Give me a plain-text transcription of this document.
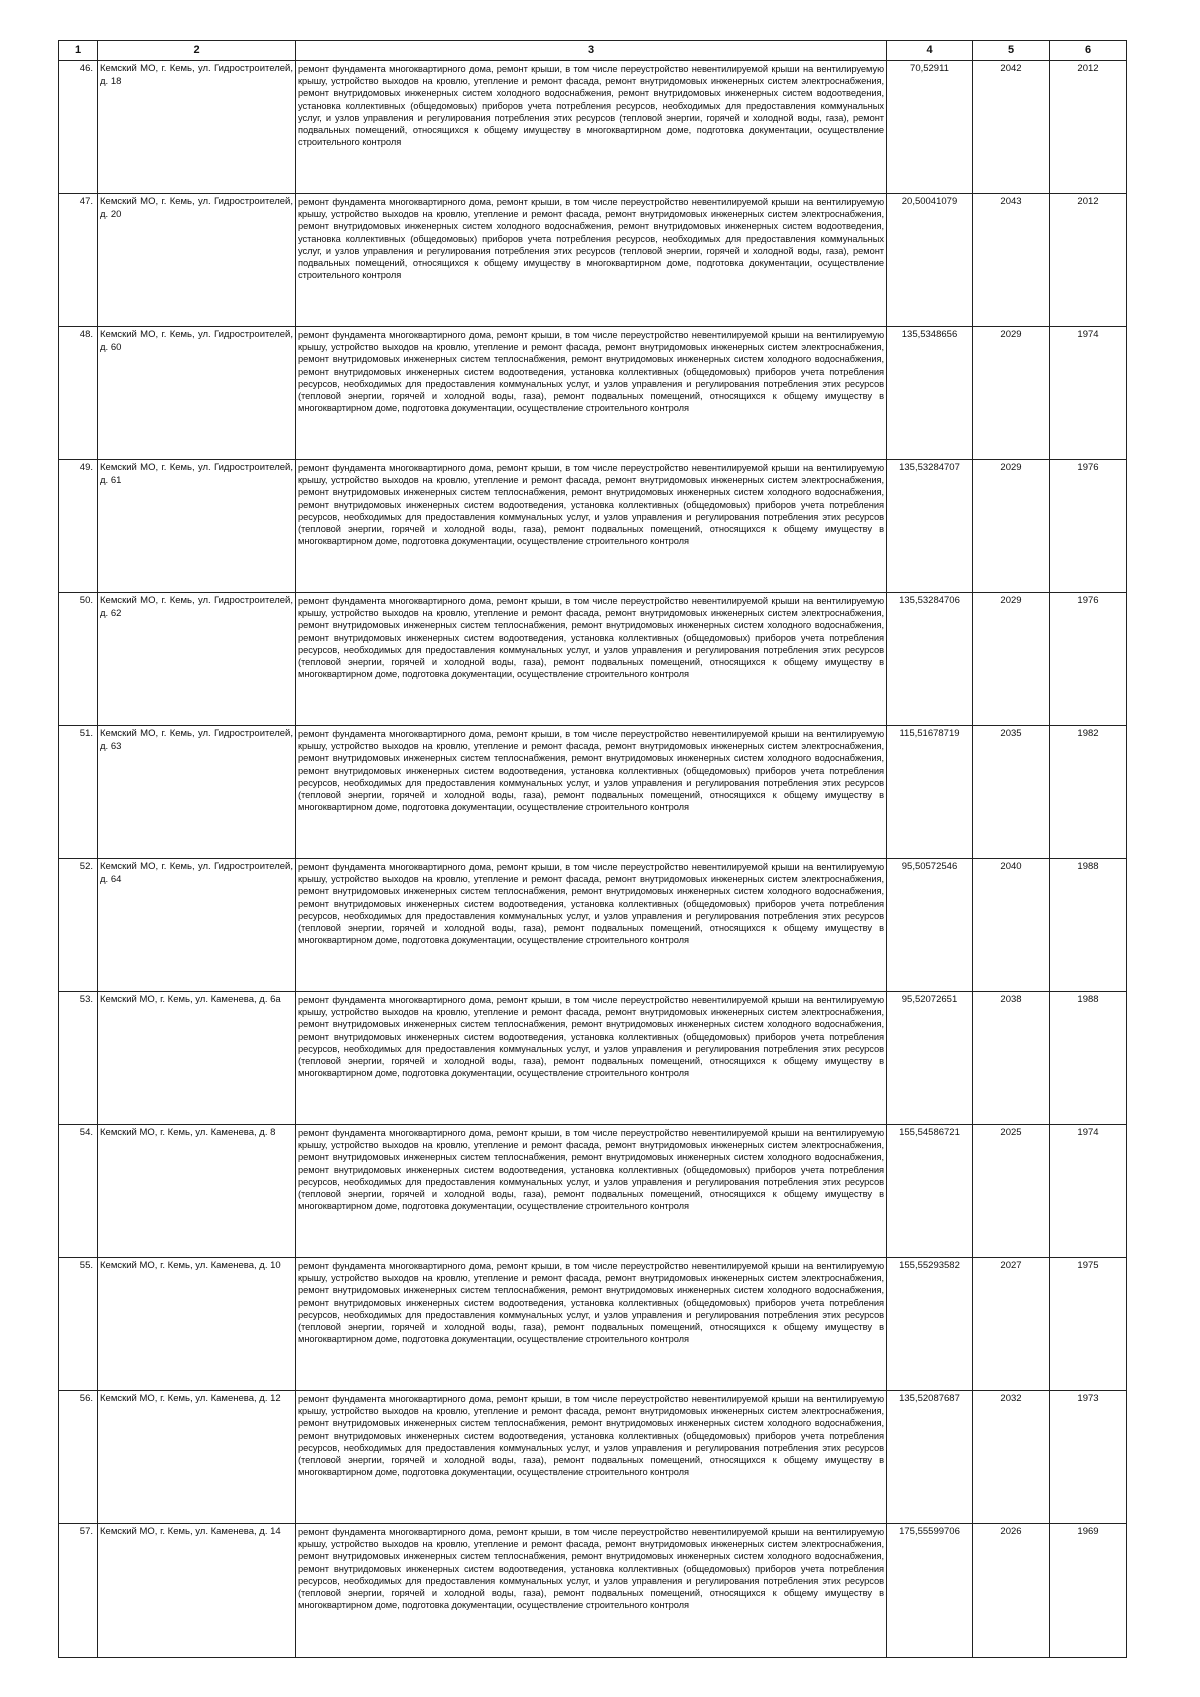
1	2	3	4	5	6
46.	Кемский МО, г. Кемь, ул. Гидростроителей, д. 18	ремонт фундамента многоквартирного дома, ремонт крыши, в том числе переустройство невентилируемой крыши на вентилируемую крышу, устройство выходов на кровлю, утепление и ремонт фасада, ремонт внутридомовых инженерных систем электроснабжения, ремонт внутридомовых инженерных систем холодного водоснабжения, ремонт внутридомовых инженерных систем водоотведения, установка коллективных (общедомовых) приборов учета потребления ресурсов, необходимых для предоставления коммунальных услуг, и узлов управления и регулирования потребления этих ресурсов (тепловой энергии, горячей и холодной воды, газа), ремонт подвальных помещений, относящихся к общему имуществу в многоквартирном доме, подготовка документации, осуществление строительного контроля	70,52911	2042	2012
47.	Кемский МО, г. Кемь, ул. Гидростроителей, д. 20	ремонт фундамента многоквартирного дома, ремонт крыши, в том числе переустройство невентилируемой крыши на вентилируемую крышу, устройство выходов на кровлю, утепление и ремонт фасада, ремонт внутридомовых инженерных систем электроснабжения, ремонт внутридомовых инженерных систем холодного водоснабжения, ремонт внутридомовых инженерных систем водоотведения, установка коллективных (общедомовых) приборов учета потребления ресурсов, необходимых для предоставления коммунальных услуг, и узлов управления и регулирования потребления этих ресурсов (тепловой энергии, горячей и холодной воды, газа), ремонт подвальных помещений, относящихся к общему имуществу в многоквартирном доме, подготовка документации, осуществление строительного контроля	20,50041079	2043	2012
48.	Кемский МО, г. Кемь, ул. Гидростроителей, д. 60	ремонт фундамента многоквартирного дома, ремонт крыши, в том числе переустройство невентилируемой крыши на вентилируемую крышу, устройство выходов на кровлю, утепление и ремонт фасада, ремонт внутридомовых инженерных систем электроснабжения, ремонт внутридомовых инженерных систем теплоснабжения, ремонт внутридомовых инженерных систем холодного водоснабжения, ремонт внутридомовых инженерных систем водоотведения, установка коллективных (общедомовых) приборов учета потребления ресурсов, необходимых для предоставления коммунальных услуг, и узлов управления и регулирования потребления этих ресурсов (тепловой энергии, горячей и холодной воды, газа), ремонт подвальных помещений, относящихся к общему имуществу в многоквартирном доме, подготовка документации, осуществление строительного контроля	135,5348656	2029	1974
49.	Кемский МО, г. Кемь, ул. Гидростроителей, д. 61	ремонт фундамента многоквартирного дома, ремонт крыши, в том числе переустройство невентилируемой крыши на вентилируемую крышу, устройство выходов на кровлю, утепление и ремонт фасада, ремонт внутридомовых инженерных систем электроснабжения, ремонт внутридомовых инженерных систем теплоснабжения, ремонт внутридомовых инженерных систем холодного водоснабжения, ремонт внутридомовых инженерных систем водоотведения, установка коллективных (общедомовых) приборов учета потребления ресурсов, необходимых для предоставления коммунальных услуг, и узлов управления и регулирования потребления этих ресурсов (тепловой энергии, горячей и холодной воды, газа), ремонт подвальных помещений, относящихся к общему имуществу в многоквартирном доме, подготовка документации, осуществление строительного контроля	135,53284707	2029	1976
50.	Кемский МО, г. Кемь, ул. Гидростроителей, д. 62	ремонт фундамента многоквартирного дома, ремонт крыши, в том числе переустройство невентилируемой крыши на вентилируемую крышу, устройство выходов на кровлю, утепление и ремонт фасада, ремонт внутридомовых инженерных систем электроснабжения, ремонт внутридомовых инженерных систем теплоснабжения, ремонт внутридомовых инженерных систем холодного водоснабжения, ремонт внутридомовых инженерных систем водоотведения, установка коллективных (общедомовых) приборов учета потребления ресурсов, необходимых для предоставления коммунальных услуг, и узлов управления и регулирования потребления этих ресурсов (тепловой энергии, горячей и холодной воды, газа), ремонт подвальных помещений, относящихся к общему имуществу в многоквартирном доме, подготовка документации, осуществление строительного контроля	135,53284706	2029	1976
51.	Кемский МО, г. Кемь, ул. Гидростроителей, д. 63	ремонт фундамента многоквартирного дома, ремонт крыши, в том числе переустройство невентилируемой крыши на вентилируемую крышу, устройство выходов на кровлю, утепление и ремонт фасада, ремонт внутридомовых инженерных систем электроснабжения, ремонт внутридомовых инженерных систем теплоснабжения, ремонт внутридомовых инженерных систем холодного водоснабжения, ремонт внутридомовых инженерных систем водоотведения, установка коллективных (общедомовых) приборов учета потребления ресурсов, необходимых для предоставления коммунальных услуг, и узлов управления и регулирования потребления этих ресурсов (тепловой энергии, горячей и холодной воды, газа), ремонт подвальных помещений, относящихся к общему имуществу в многоквартирном доме, подготовка документации, осуществление строительного контроля	115,51678719	2035	1982
52.	Кемский МО, г. Кемь, ул. Гидростроителей, д. 64	ремонт фундамента многоквартирного дома, ремонт крыши, в том числе переустройство невентилируемой крыши на вентилируемую крышу, устройство выходов на кровлю, утепление и ремонт фасада, ремонт внутридомовых инженерных систем электроснабжения, ремонт внутридомовых инженерных систем теплоснабжения, ремонт внутридомовых инженерных систем холодного водоснабжения, ремонт внутридомовых инженерных систем водоотведения, установка коллективных (общедомовых) приборов учета потребления ресурсов, необходимых для предоставления коммунальных услуг, и узлов управления и регулирования потребления этих ресурсов (тепловой энергии, горячей и холодной воды, газа), ремонт подвальных помещений, относящихся к общему имуществу в многоквартирном доме, подготовка документации, осуществление строительного контроля	95,50572546	2040	1988
53.	Кемский МО, г. Кемь, ул. Каменева, д. 6а	ремонт фундамента многоквартирного дома, ремонт крыши, в том числе переустройство невентилируемой крыши на вентилируемую крышу, устройство выходов на кровлю, утепление и ремонт фасада, ремонт внутридомовых инженерных систем электроснабжения, ремонт внутридомовых инженерных систем теплоснабжения, ремонт внутридомовых инженерных систем холодного водоснабжения, ремонт внутридомовых инженерных систем водоотведения, установка коллективных (общедомовых) приборов учета потребления ресурсов, необходимых для предоставления коммунальных услуг, и узлов управления и регулирования потребления этих ресурсов (тепловой энергии, горячей и холодной воды, газа), ремонт подвальных помещений, относящихся к общему имуществу в многоквартирном доме, подготовка документации, осуществление строительного контроля	95,52072651	2038	1988
54.	Кемский МО, г. Кемь, ул. Каменева, д. 8	ремонт фундамента многоквартирного дома, ремонт крыши, в том числе переустройство невентилируемой крыши на вентилируемую крышу, устройство выходов на кровлю, утепление и ремонт фасада, ремонт внутридомовых инженерных систем электроснабжения, ремонт внутридомовых инженерных систем теплоснабжения, ремонт внутридомовых инженерных систем холодного водоснабжения, ремонт внутридомовых инженерных систем водоотведения, установка коллективных (общедомовых) приборов учета потребления ресурсов, необходимых для предоставления коммунальных услуг, и узлов управления и регулирования потребления этих ресурсов (тепловой энергии, горячей и холодной воды, газа), ремонт подвальных помещений, относящихся к общему имуществу в многоквартирном доме, подготовка документации, осуществление строительного контроля	155,54586721	2025	1974
55.	Кемский МО, г. Кемь, ул. Каменева, д. 10	ремонт фундамента многоквартирного дома, ремонт крыши, в том числе переустройство невентилируемой крыши на вентилируемую крышу, устройство выходов на кровлю, утепление и ремонт фасада, ремонт внутридомовых инженерных систем электроснабжения, ремонт внутридомовых инженерных систем теплоснабжения, ремонт внутридомовых инженерных систем холодного водоснабжения, ремонт внутридомовых инженерных систем водоотведения, установка коллективных (общедомовых) приборов учета потребления ресурсов, необходимых для предоставления коммунальных услуг, и узлов управления и регулирования потребления этих ресурсов (тепловой энергии, горячей и холодной воды, газа), ремонт подвальных помещений, относящихся к общему имуществу в многоквартирном доме, подготовка документации, осуществление строительного контроля	155,55293582	2027	1975
56.	Кемский МО, г. Кемь, ул. Каменева, д. 12	ремонт фундамента многоквартирного дома, ремонт крыши, в том числе переустройство невентилируемой крыши на вентилируемую крышу, устройство выходов на кровлю, утепление и ремонт фасада, ремонт внутридомовых инженерных систем электроснабжения, ремонт внутридомовых инженерных систем теплоснабжения, ремонт внутридомовых инженерных систем холодного водоснабжения, ремонт внутридомовых инженерных систем водоотведения, установка коллективных (общедомовых) приборов учета потребления ресурсов, необходимых для предоставления коммунальных услуг, и узлов управления и регулирования потребления этих ресурсов (тепловой энергии, горячей и холодной воды, газа), ремонт подвальных помещений, относящихся к общему имуществу в многоквартирном доме, подготовка документации, осуществление строительного контроля	135,52087687	2032	1973
57.	Кемский МО, г. Кемь, ул. Каменева, д. 14	ремонт фундамента многоквартирного дома, ремонт крыши, в том числе переустройство невентилируемой крыши на вентилируемую крышу, устройство выходов на кровлю, утепление и ремонт фасада, ремонт внутридомовых инженерных систем электроснабжения, ремонт внутридомовых инженерных систем теплоснабжения, ремонт внутридомовых инженерных систем холодного водоснабжения, ремонт внутридомовых инженерных систем водоотведения, установка коллективных (общедомовых) приборов учета потребления ресурсов, необходимых для предоставления коммунальных услуг, и узлов управления и регулирования потребления этих ресурсов (тепловой энергии, горячей и холодной воды, газа), ремонт подвальных помещений, относящихся к общему имуществу в многоквартирном доме, подготовка документации, осуществление строительного контроля	175,55599706	2026	1969
